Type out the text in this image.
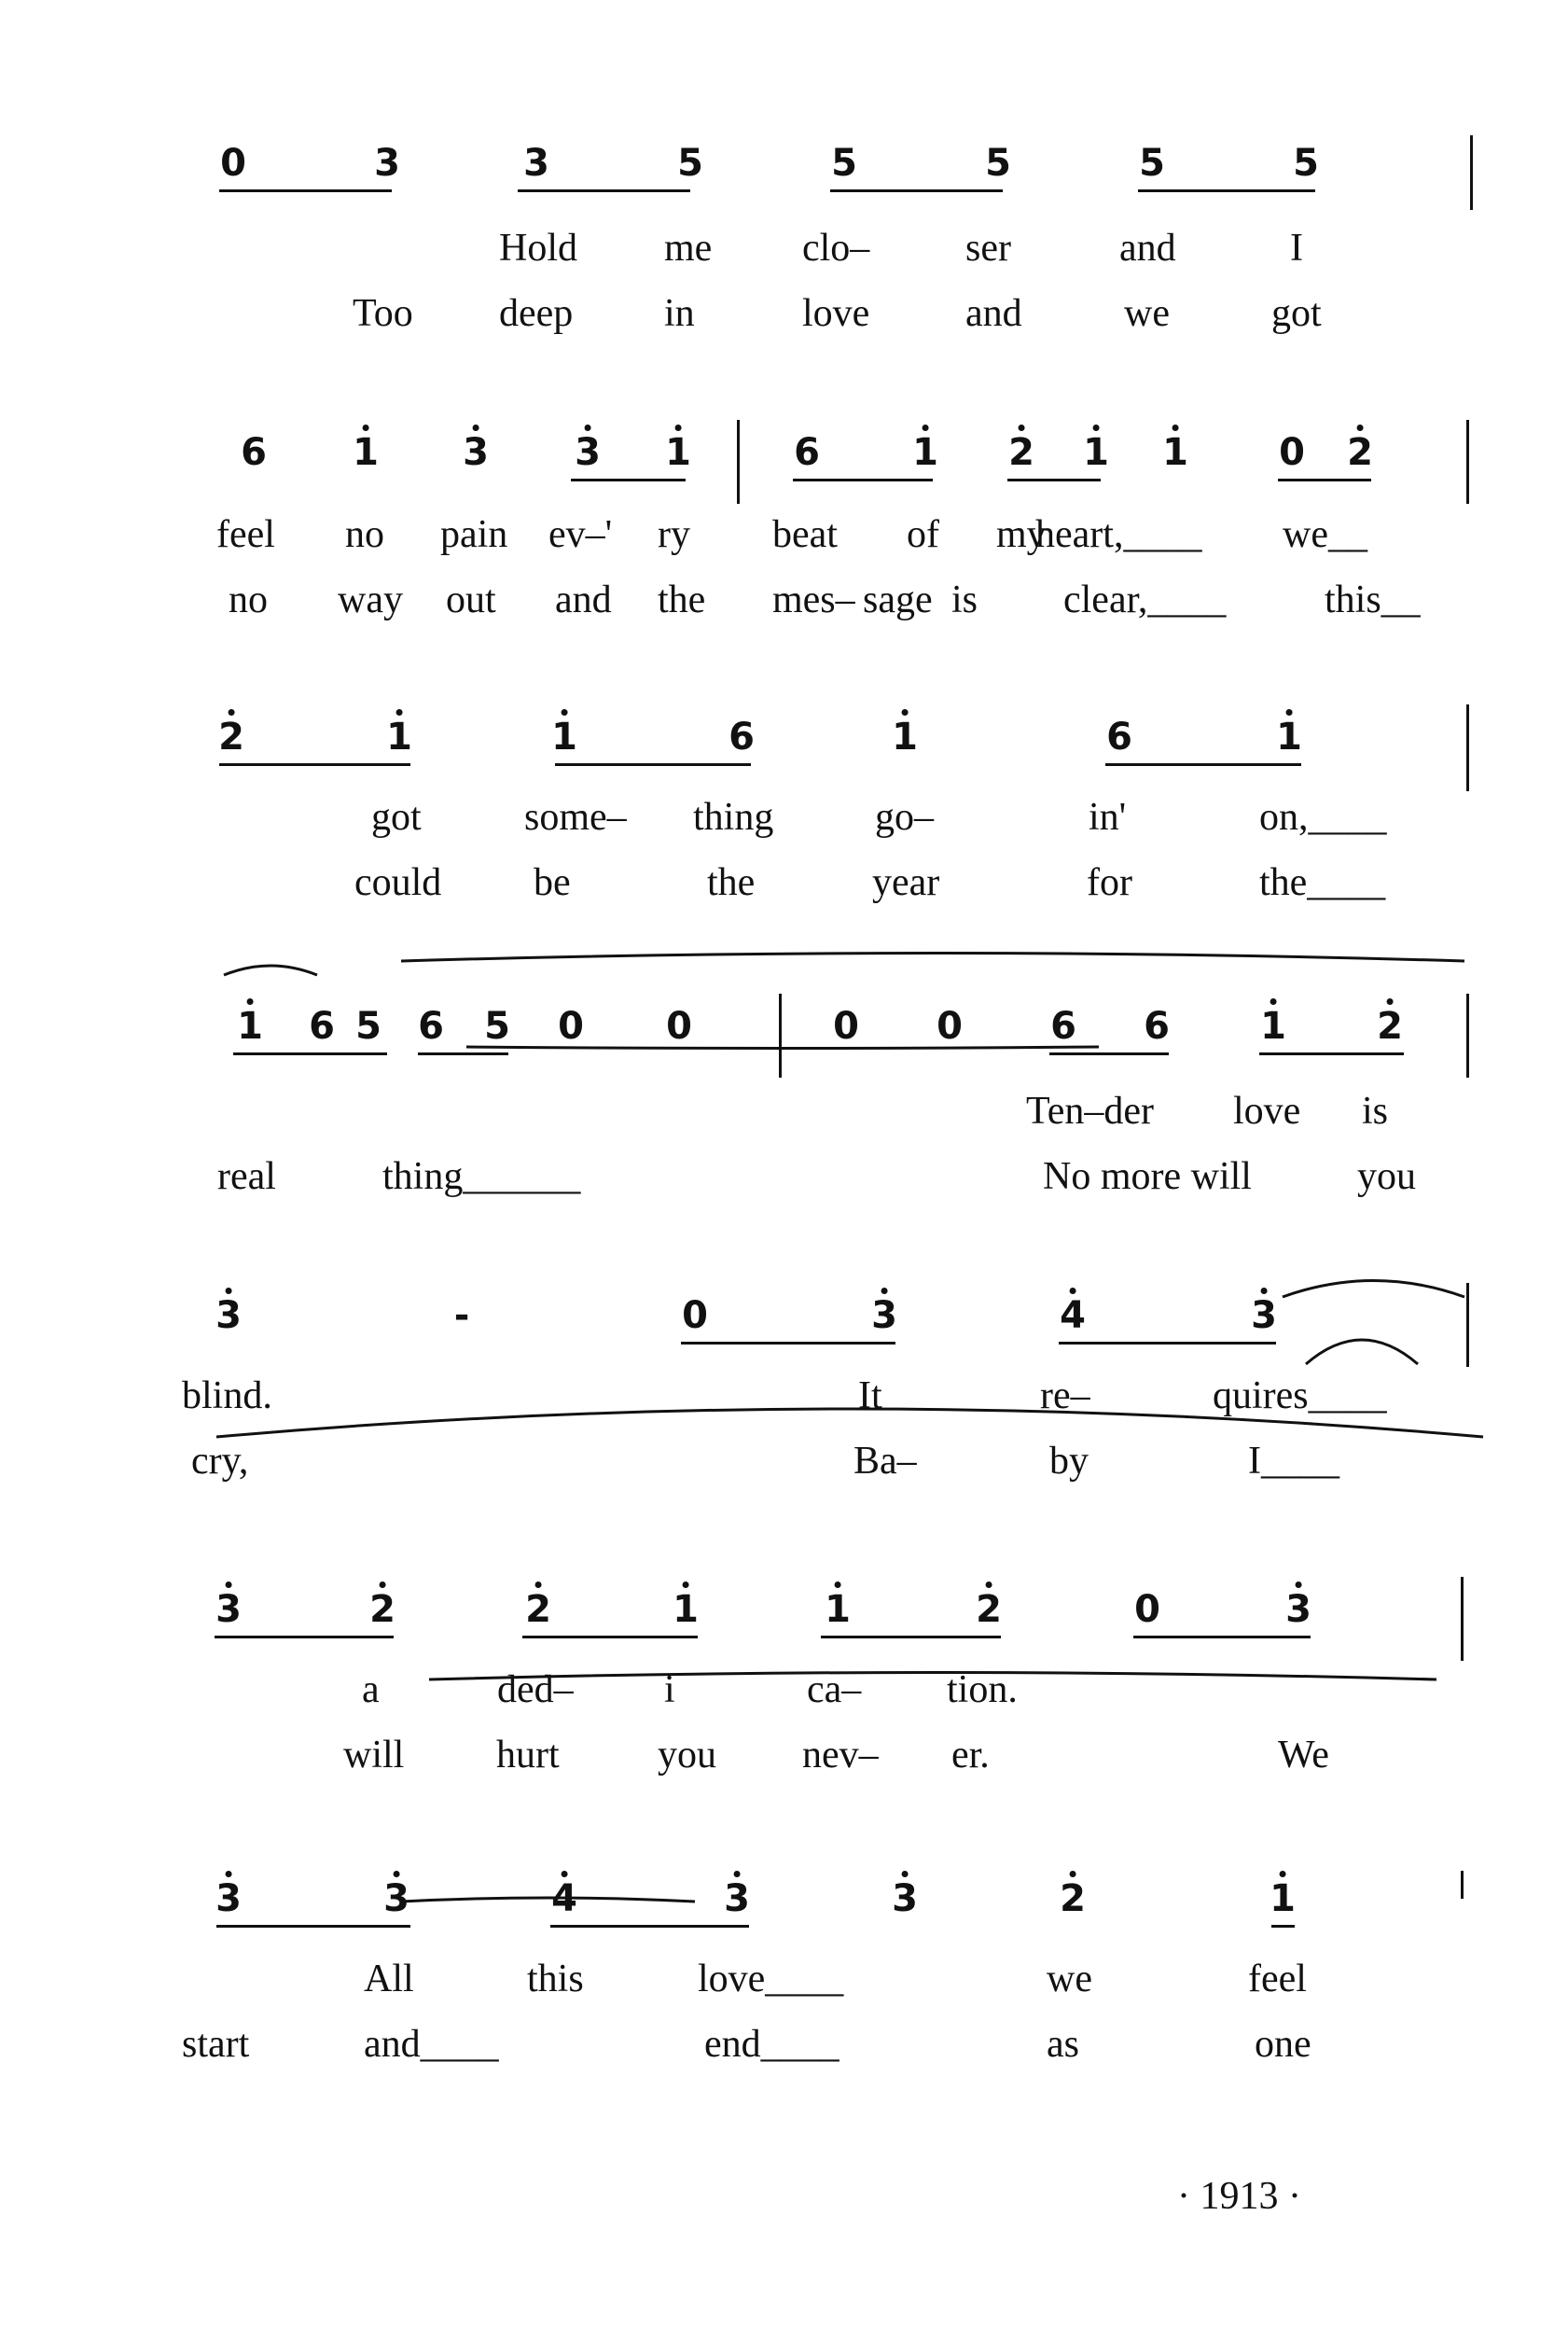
0	3	3	5	5	5	5	5
Hold me clo– ser	and	I
Too deep in	love and	we	got
6 1 3 3 1	6 1 2 1 1 0 2
feel no pain ev–' ry beat of my
heart,____ we__
no way out and the mes– sage is clear,____	this__
2	1	1	6	1	6	1
got	some– thing	go–	in'	on,____
could be	the	year	for	the____
1 6 5 6 5 0 0	0 0 6 6 1 2
Ten–der love is
real	thing______	No more will	you
3	-	0	3	4	3
blind.	It	re–	quires____
cry,	Ba–	by	I____
3	2	2	1	1	2	0	3
a	ded– i	ca– tion.
will hurt	you nev– er.	We
3	3	4	3	3	2	1
All	this	love____	we	feel
start	and____	end____	as	one
· 1913 ·
